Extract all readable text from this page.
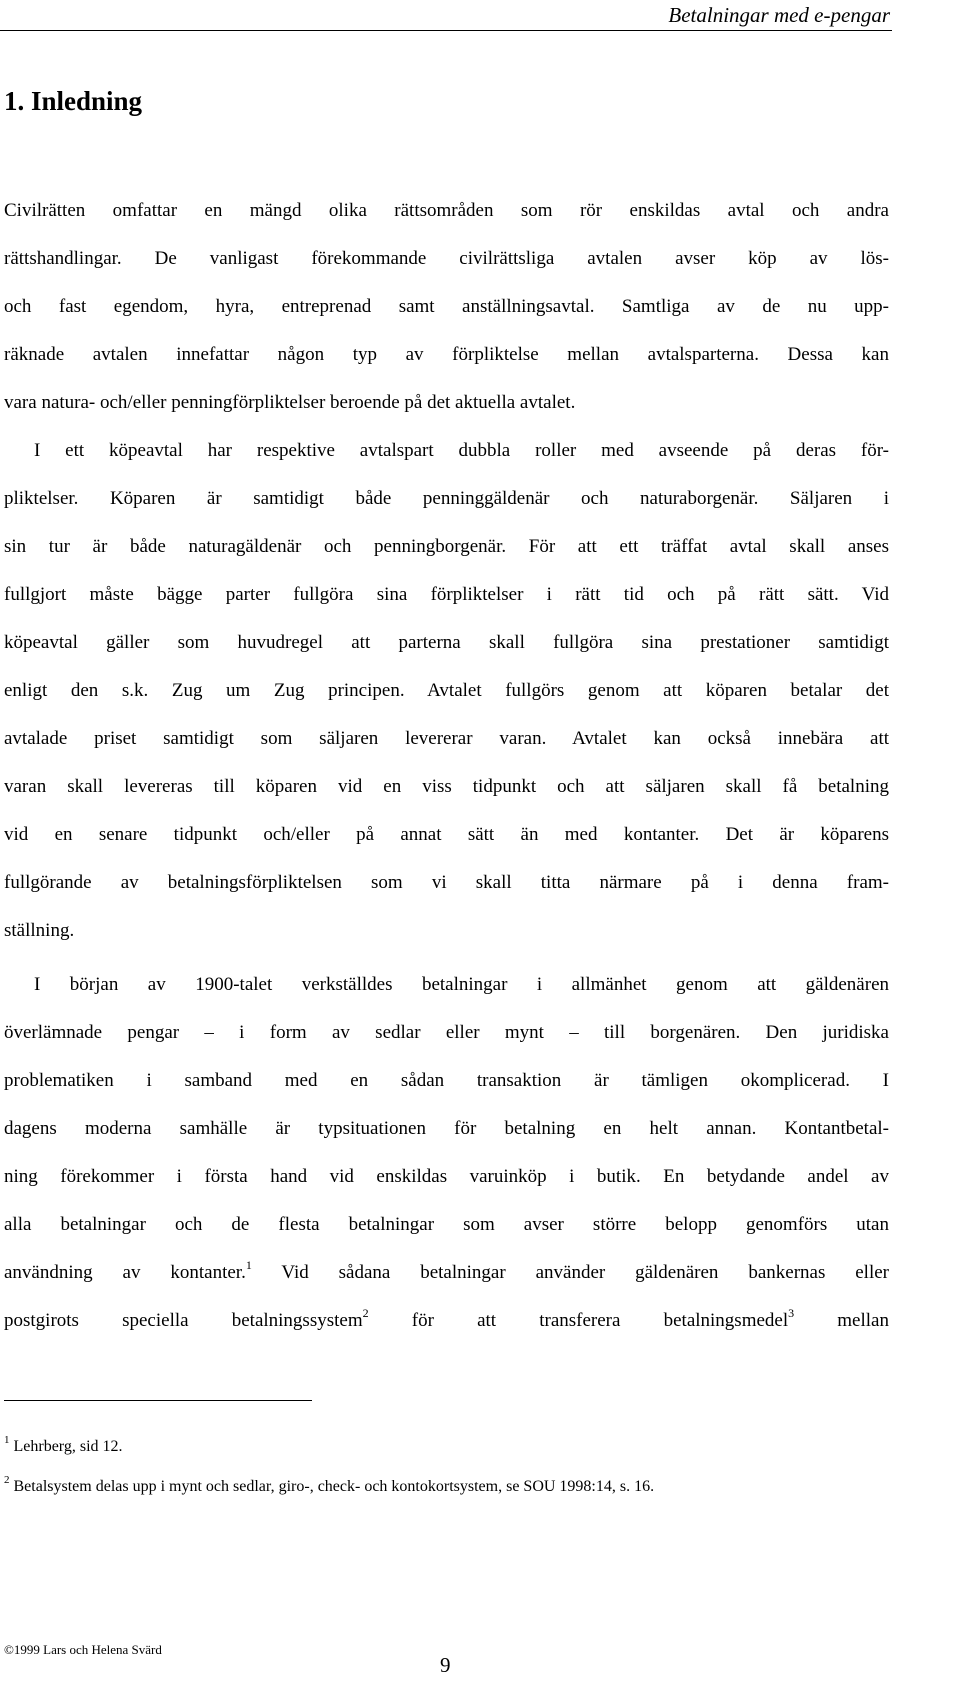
Betalningar med e-pengar
1. Inledning
Civilrätten omfattar en mängd olika rättsområden som rör enskildas avtal och andra
rättshandlingar. De vanligast förekommande civilrättsliga avtalen avser köp av lös-
och fast egendom, hyra, entreprenad samt anställningsavtal. Samtliga av de nu upp-
räknade avtalen innefattar någon typ av förpliktelse mellan avtalsparterna. Dessa kan
vara natura- och/eller penningförpliktelser beroende på det aktuella avtalet.
I ett köpeavtal har respektive avtalspart dubbla roller med avseende på deras för-
pliktelser. Köparen är samtidigt både penninggäldenär och naturaborgenär. Säljaren i
sin tur är både naturagäldenär och penningborgenär. För att ett träffat avtal skall anses
fullgjort måste bägge parter fullgöra sina förpliktelser i rätt tid och på rätt sätt. Vid
köpeavtal gäller som huvudregel att parterna skall fullgöra sina prestationer samtidigt
enligt den s.k. Zug um Zug principen. Avtalet fullgörs genom att köparen betalar det
avtalade priset samtidigt som säljaren levererar varan. Avtalet kan också innebära att
varan skall levereras till köparen vid en viss tidpunkt och att säljaren skall få betalning
vid en senare tidpunkt och/eller på annat sätt än med kontanter. Det är köparens
fullgörande av betalningsförpliktelsen som vi skall titta närmare på i denna fram-
ställning.
I början av 1900-talet verkställdes betalningar i allmänhet genom att gäldenären
överlämnade pengar – i form av sedlar eller mynt – till borgenären. Den juridiska
problematiken i samband med en sådan transaktion är tämligen okomplicerad. I
dagens moderna samhälle är typsituationen för betalning en helt annan. Kontantbetal-
ning förekommer i första hand vid enskildas varuinköp i butik. En betydande andel av
alla betalningar och de flesta betalningar som avser större belopp genomförs utan
användning av kontanter.$^1$ Vid sådana betalningar använder gäldenären bankernas eller
postgirots speciella betalningssystem$^2$ för att transferera betalningsmedel$^3$ mellan
$^1$ Lehrberg, sid 12.
$^2$ Betalsystem delas upp i mynt och sedlar, giro-, check- och kontokortsystem, se SOU 1998:14, s. 16.
©1999 Lars och Helena Svärd
9
